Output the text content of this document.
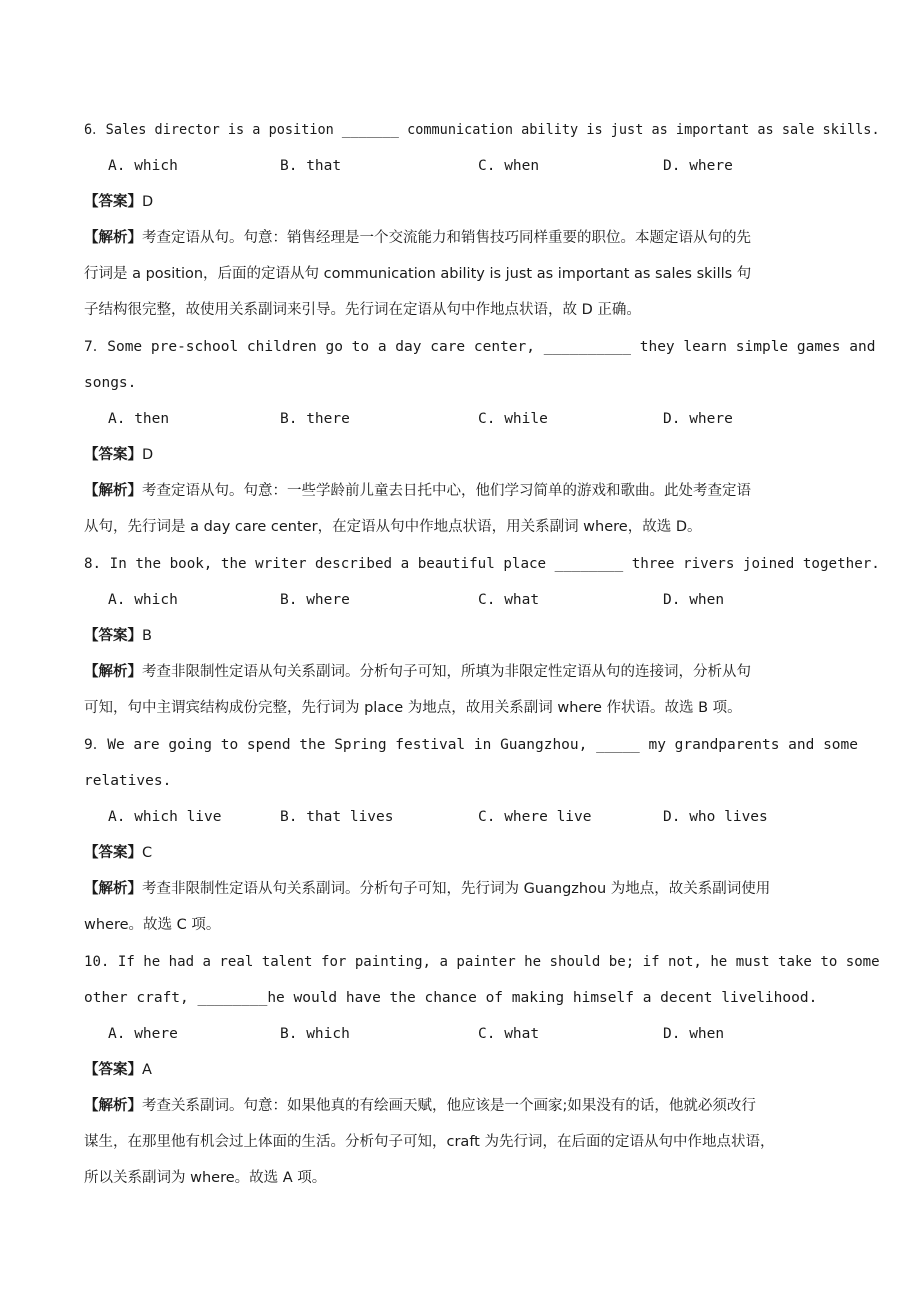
6．Sales director is a position _______ communication ability is just as important as sale skills.
A. which	B. that	C. when	D. where
【答案】D
【解析】考查定语从句。句意：销售经理是一个交流能力和销售技巧同样重要的职位。本题定语从句的先
行词是 a position，后面的定语从句 communication ability is just as important as sales skills 句
子结构很完整，故使用关系副词来引导。先行词在定语从句中作地点状语，故 D 正确。
7．Some pre-school children go to a day care center, __________ they learn simple games and
songs.
A. then	B. there	C. while	D. where
【答案】D
【解析】考查定语从句。句意：一些学龄前儿童去日托中心，他们学习简单的游戏和歌曲。此处考查定语
从句，先行词是 a day care center，在定语从句中作地点状语，用关系副词 where，故选 D。
8. In the book, the writer described a beautiful place ________ three rivers joined together.
A. which	B. where	C. what	D. when
【答案】B
【解析】考查非限制性定语从句关系副词。分析句子可知，所填为非限定性定语从句的连接词，分析从句
可知，句中主谓宾结构成份完整，先行词为 place 为地点，故用关系副词 where 作状语。故选 B 项。
9．We are going to spend the Spring festival in Guangzhou, _____ my grandparents and some
relatives.
A. which live	B. that lives	C. where live	D. who lives
【答案】C
【解析】考查非限制性定语从句关系副词。分析句子可知，先行词为 Guangzhou 为地点，故关系副词使用
where。故选 C 项。
10. If he had a real talent for painting, a painter he should be; if not, he must take to some
other craft, ________he would have the chance of making himself a decent livelihood.
A. where	B. which	C. what	D. when
【答案】A
【解析】考查关系副词。句意：如果他真的有绘画天赋，他应该是一个画家;如果没有的话，他就必须改行
谋生，在那里他有机会过上体面的生活。分析句子可知，craft 为先行词，在后面的定语从句中作地点状语，
所以关系副词为 where。故选 A 项。
